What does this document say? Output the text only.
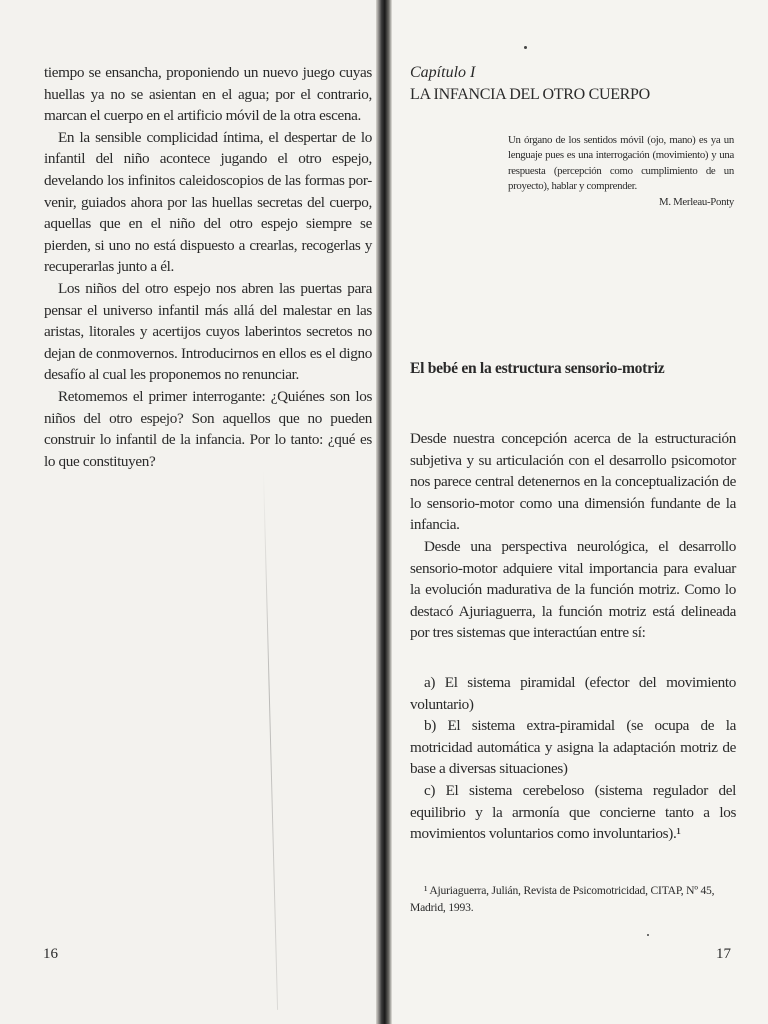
tiempo se ensancha, proponiendo un nuevo juego cuyas huellas ya no se asientan en el agua; por el contrario, marcan el cuerpo en el artificio móvil de la otra escena.

En la sensible complicidad íntima, el despertar de lo infantil del niño acontece jugando el otro espejo, develando los infinitos caleidoscopios de las formas por-venir, guiados ahora por las huellas secretas del cuerpo, aquellas que en el niño del otro espejo siempre se pierden, si uno no está dispuesto a crearlas, recogerlas y recuperarlas junto a él.

Los niños del otro espejo nos abren las puertas para pensar el universo infantil más allá del malestar en las aristas, litorales y acertijos cuyos laberintos secretos no dejan de conmovernos. Introducirnos en ellos es el digno desafío al cual les proponemos no renunciar.

Retomemos el primer interrogante: ¿Quiénes son los niños del otro espejo? Son aquellos que no pueden construir lo infantil de la infancia. Por lo tanto: ¿qué es lo que constituyen?

16
Capítulo I
LA INFANCIA DEL OTRO CUERPO
Un órgano de los sentidos móvil (ojo, mano) es ya un lenguaje pues es una interrogación (movimiento) y una respuesta (percepción como cumplimiento de un proyecto), hablar y comprender.
M. Merleau-Ponty
El bebé en la estructura sensorio-motriz

Desde nuestra concepción acerca de la estructuración subjetiva y su articulación con el desarrollo psicomotor nos parece central detenernos en la conceptualización de lo sensorio-motor como una dimensión fundante de la infancia.

Desde una perspectiva neurológica, el desarrollo sensorio-motor adquiere vital importancia para evaluar la evolución madurativa de la función motriz. Como lo destacó Ajuriaguerra, la función motriz está delineada por tres sistemas que interactúan entre sí:

a) El sistema piramidal (efector del movimiento voluntario)

b) El sistema extra-piramidal (se ocupa de la motricidad automática y asigna la adaptación motriz de base a diversas situaciones)

c) El sistema cerebeloso (sistema regulador del equilibrio y la armonía que concierne tanto a los movimientos voluntarios como involuntarios).¹

¹ Ajuriaguerra, Julián, Revista de Psicomotricidad, CITAP, Nº 45, Madrid, 1993.
17
